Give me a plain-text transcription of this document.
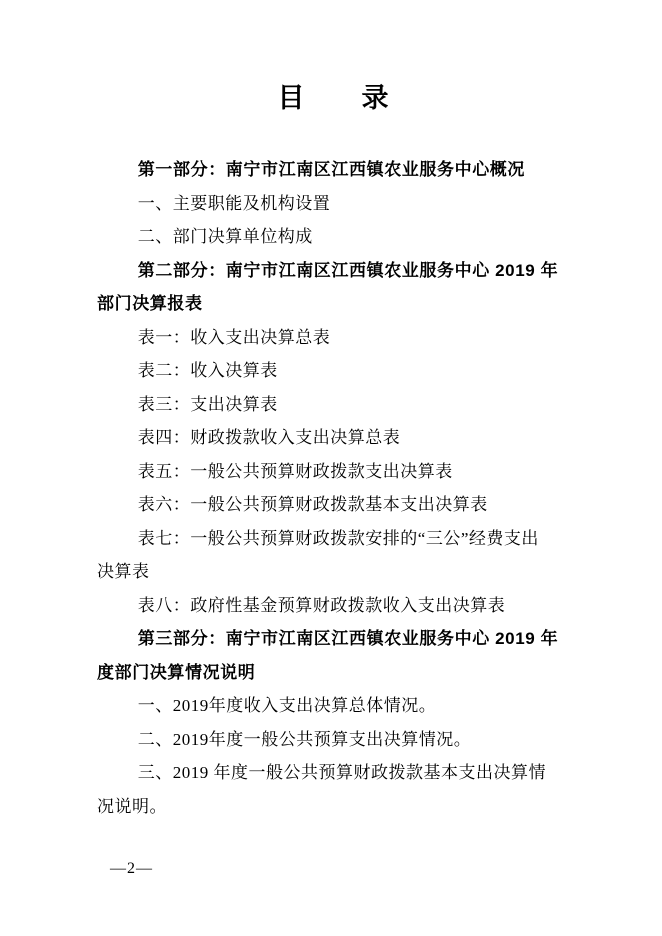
目　　录

第一部分：南宁市江南区江西镇农业服务中心概况

一、主要职能及机构设置

二、部门决算单位构成

第二部分：南宁市江南区江西镇农业服务中心 2019 年

部门决算报表

表一：收入支出决算总表

表二：收入决算表

表三：支出决算表

表四：财政拨款收入支出决算总表

表五：一般公共预算财政拨款支出决算表

表六：一般公共预算财政拨款基本支出决算表

表七：一般公共预算财政拨款安排的“三公”经费支出

决算表

表八：政府性基金预算财政拨款收入支出决算表

第三部分：南宁市江南区江西镇农业服务中心 2019 年

度部门决算情况说明

一、2019年度收入支出决算总体情况。

二、2019年度一般公共预算支出决算情况。

三、2019 年度一般公共预算财政拨款基本支出决算情

况说明。

—2—
